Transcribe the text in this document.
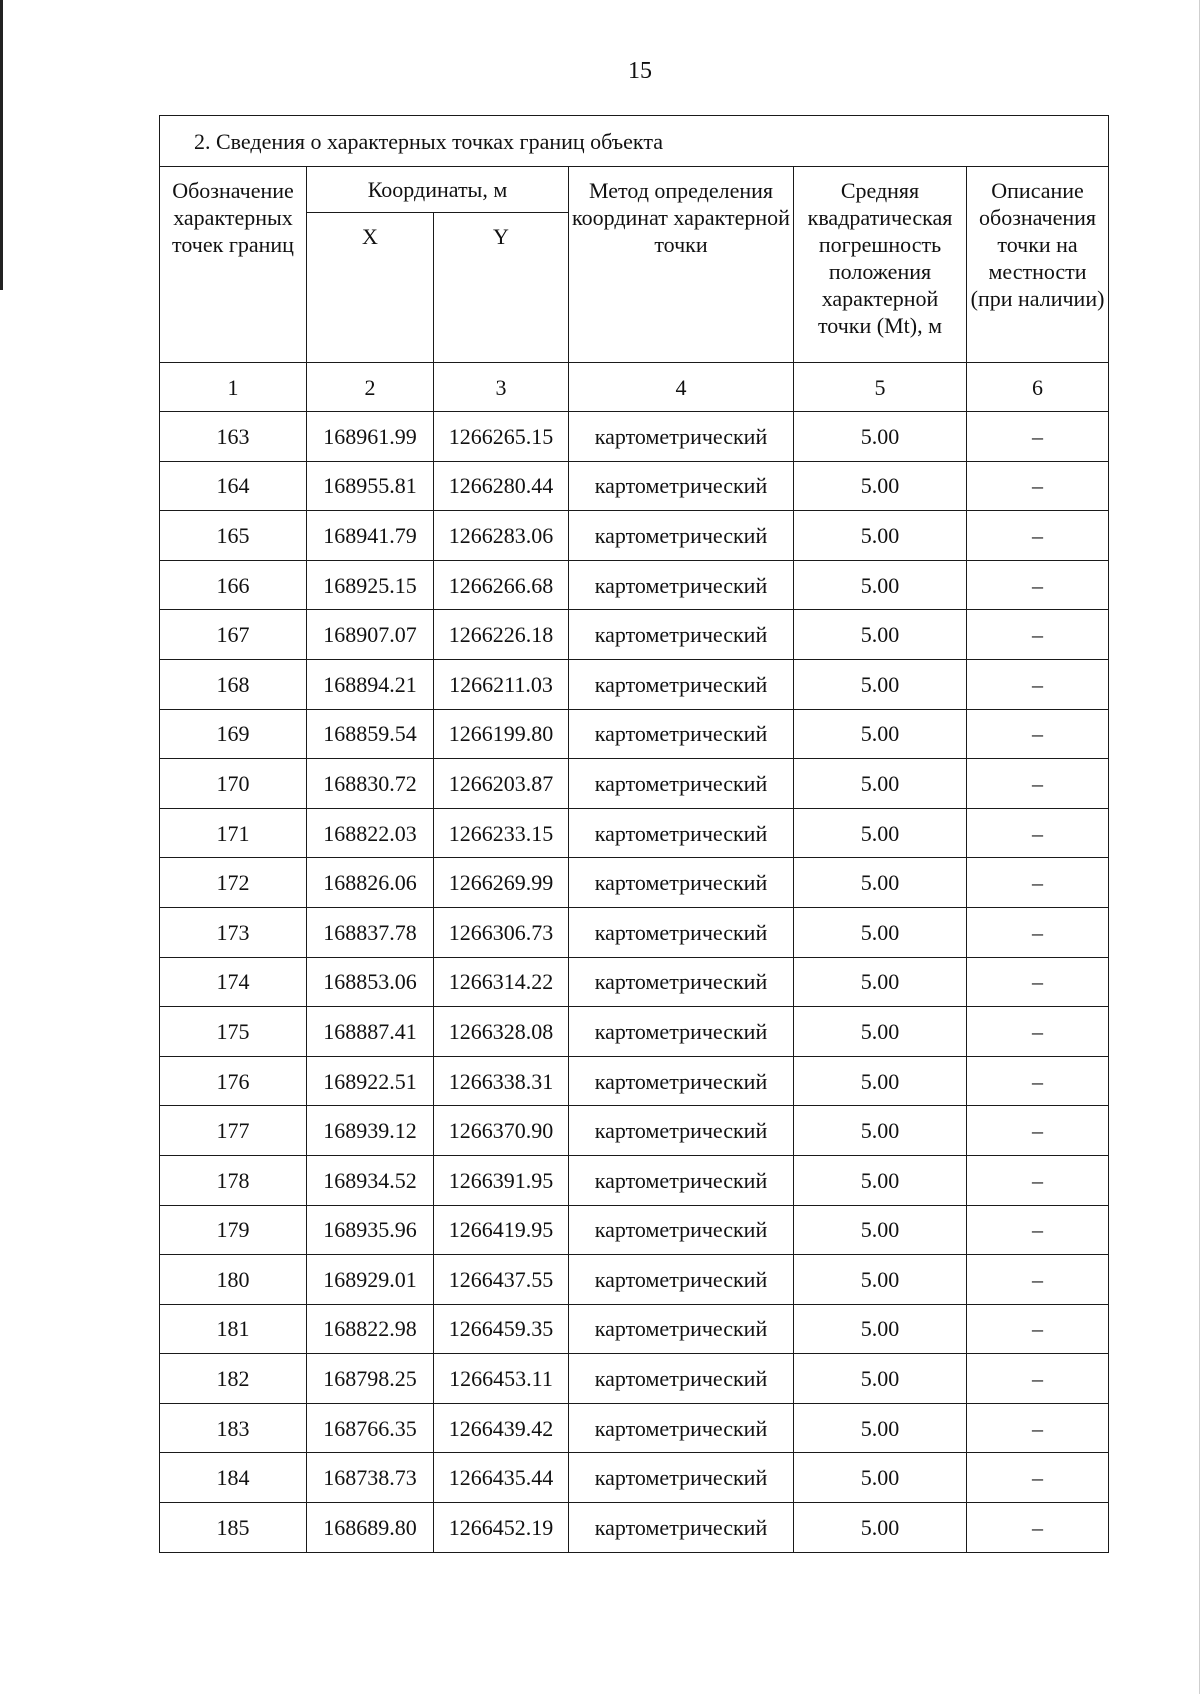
15
2. Сведения о характерных точках границ объекта					
Обозначение характерных точек границ	Координаты, м		Метод определения координат характерной точки	Средняя квадратическая погрешность положения характерной точки (Mt), м	Описание обозначения точки на местности (при наличии)
	X	Y			
1	2	3	4	5	6
163	168961.99	1266265.15	картометрический	5.00	–
164	168955.81	1266280.44	картометрический	5.00	–
165	168941.79	1266283.06	картометрический	5.00	–
166	168925.15	1266266.68	картометрический	5.00	–
167	168907.07	1266226.18	картометрический	5.00	–
168	168894.21	1266211.03	картометрический	5.00	–
169	168859.54	1266199.80	картометрический	5.00	–
170	168830.72	1266203.87	картометрический	5.00	–
171	168822.03	1266233.15	картометрический	5.00	–
172	168826.06	1266269.99	картометрический	5.00	–
173	168837.78	1266306.73	картометрический	5.00	–
174	168853.06	1266314.22	картометрический	5.00	–
175	168887.41	1266328.08	картометрический	5.00	–
176	168922.51	1266338.31	картометрический	5.00	–
177	168939.12	1266370.90	картометрический	5.00	–
178	168934.52	1266391.95	картометрический	5.00	–
179	168935.96	1266419.95	картометрический	5.00	–
180	168929.01	1266437.55	картометрический	5.00	–
181	168822.98	1266459.35	картометрический	5.00	–
182	168798.25	1266453.11	картометрический	5.00	–
183	168766.35	1266439.42	картометрический	5.00	–
184	168738.73	1266435.44	картометрический	5.00	–
185	168689.80	1266452.19	картометрический	5.00	–
